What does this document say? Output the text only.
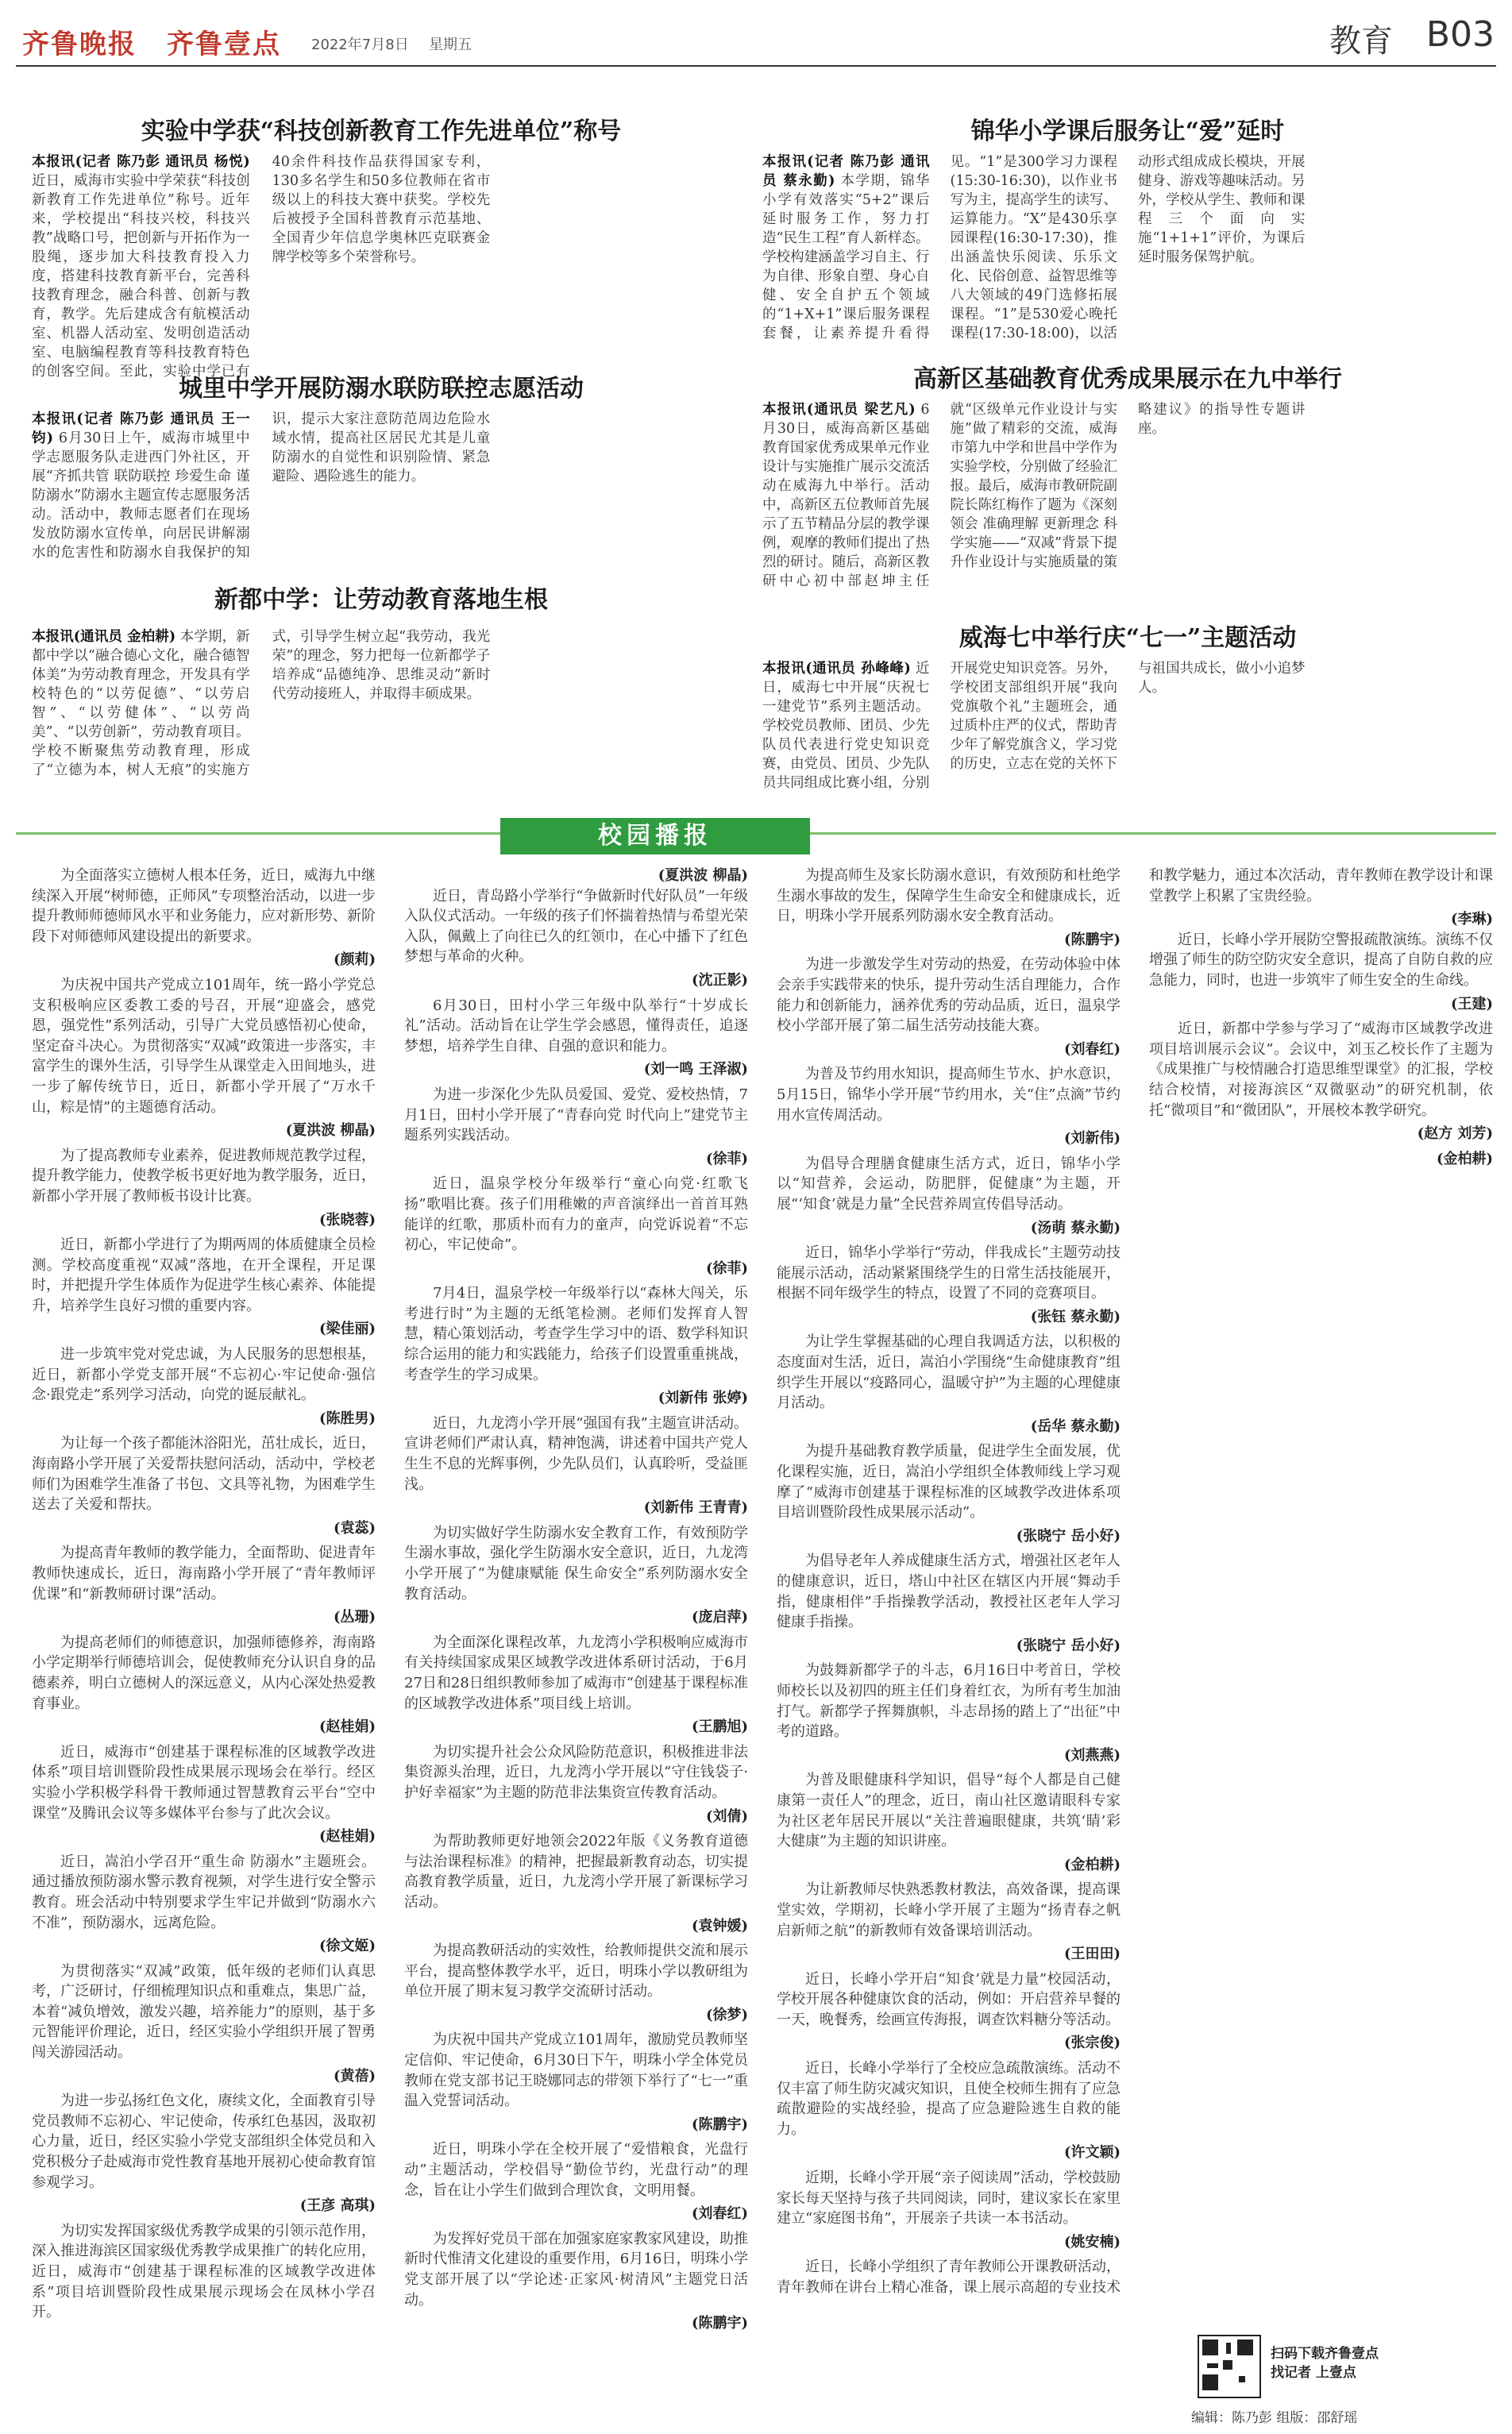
齐鲁晚报 齐鲁壹点 2022年7月8日 星期五	教育 B03
实验中学获“科技创新教育工作先进单位”称号
本报讯(记者 陈乃彭 通讯员 杨悦) 近日，威海市实验中学荣获“科技创新教育工作先进单位”称号。近年来，学校提出“科技兴校，科技兴教”战略口号，把创新与开拓作为一股绳，逐步加大科技教育投入力度，搭建科技教育新平台，完善科技教育理念，融合科普、创新与教育，教学。先后建成含有航模活动室、机器人活动室、发明创造活动室、电脑编程教育等科技教育特色的创客空间。至此，实验中学已有40余件科技作品获得国家专利，130多名学生和50多位教师在省市级以上的科技大赛中获奖。学校先后被授予全国科普教育示范基地、全国青少年信息学奥林匹克联赛金牌学校等多个荣誉称号。
城里中学开展防溺水联防联控志愿活动
本报讯(记者 陈乃彭 通讯员 王一钧) 6月30日上午，威海市城里中学志愿服务队走进西门外社区，开展“齐抓共管 联防联控 珍爱生命 谨防溺水”防溺水主题宣传志愿服务活动。活动中，教师志愿者们在现场发放防溺水宣传单，向居民讲解溺水的危害性和防溺水自我保护的知识，提示大家注意防范周边危险水域水情，提高社区居民尤其是儿童防溺水的自觉性和识别险情、紧急避险、遇险逃生的能力。
新都中学：让劳动教育落地生根
本报讯(通讯员 金柏耕) 本学期，新都中学以“融合德心文化，融合德智体美”为劳动教育理念，开发具有学校特色的“以劳促德”、“以劳启智”、“以劳健体”、“以劳尚美”、“以劳创新”，劳动教育项目。学校不断聚焦劳动教育理，形成了“立德为本，树人无痕”的实施方式，引导学生树立起“我劳动，我光荣”的理念，努力把每一位新都学子培养成“品德纯净、思维灵动”新时代劳动接班人，并取得丰硕成果。
锦华小学课后服务让“爱”延时
本报讯(记者 陈乃彭 通讯员 蔡永勤) 本学期，锦华小学有效落实“5+2”课后延时服务工作，努力打造“民生工程”育人新样态。学校构建涵盖学习自主、行为自律、形象自塑、身心自健、安全自护五个领域的“1+X+1”课后服务课程套餐，让素养提升看得见。“1”是300学习力课程(15:30-16:30)，以作业书写为主，提高学生的读写、运算能力。“X”是430乐享园课程(16:30-17:30)，推出涵盖快乐阅读、乐乐文化、民俗创意、益智思维等八大领域的49门选修拓展课程。“1”是530爱心晚托课程(17:30-18:00)，以活动形式组成成长模块，开展健身、游戏等趣味活动。另外，学校从学生、教师和课程三个面向实施“1+1+1”评价，为课后延时服务保驾护航。
高新区基础教育优秀成果展示在九中举行
本报讯(通讯员 梁艺凡) 6月30日，威海高新区基础教育国家优秀成果单元作业设计与实施推广展示交流活动在威海九中举行。活动中，高新区五位教师首先展示了五节精品分层的教学课例，观摩的教师们提出了热烈的研讨。随后，高新区教研中心初中部赵坤主任就“区级单元作业设计与实施”做了精彩的交流，威海市第九中学和世昌中学作为实验学校，分别做了经验汇报。最后，威海市教研院副院长陈红梅作了题为《深刻领会 准确理解 更新理念 科学实施——“双减”背景下提升作业设计与实施质量的策略建议》的指导性专题讲座。
威海七中举行庆“七一”主题活动
本报讯(通讯员 孙峰峰) 近日，威海七中开展“庆祝七一建党节”系列主题活动。学校党员教师、团员、少先队员代表进行党史知识竞赛，由党员、团员、少先队员共同组成比赛小组，分别开展党史知识竞答。另外，学校团支部组织开展“我向党旗敬个礼”主题班会，通过质朴庄严的仪式，帮助青少年了解党旗含义，学习党的历史，立志在党的关怀下与祖国共成长，做小小追梦人。
校园播报

为全面落实立德树人根本任务，近日，威海九中继续深入开展“树师德，正师风”专项整治活动，以进一步提升教师师德师风水平和业务能力，应对新形势、新阶段下对师德师风建设提出的新要求。

(颜莉)

为庆祝中国共产党成立101周年，统一路小学党总支积极响应区委教工委的号召，开展“迎盛会，感党恩，强党性”系列活动，引导广大党员感悟初心使命，坚定奋斗决心。为贯彻落实“双减”政策进一步落实，丰富学生的课外生活，引导学生从课堂走入田间地头，进一步了解传统节日，近日，新都小学开展了“万水千山，粽是情”的主题德育活动。

(夏洪波 柳晶)

为了提高教师专业素养，促进教师规范教学过程，提升教学能力，使教学板书更好地为教学服务，近日，新都小学开展了教师板书设计比赛。

(张晓蓉)

近日，新都小学进行了为期两周的体质健康全员检测。学校高度重视“双减”落地，在开全课程，开足课时，并把提升学生体质作为促进学生核心素养、体能提升，培养学生良好习惯的重要内容。

(梁佳丽)

进一步筑牢党对党忠诚，为人民服务的思想根基，近日，新都小学党支部开展“不忘初心·牢记使命·强信念·跟党走”系列学习活动，向党的诞辰献礼。

(陈胜男)

为让每一个孩子都能沐浴阳光，茁壮成长，近日，海南路小学开展了关爱帮扶慰问活动，活动中，学校老师们为困难学生准备了书包、文具等礼物，为困难学生送去了关爱和帮扶。

(袁蕊)

为提高青年教师的教学能力，全面帮助、促进青年教师快速成长，近日，海南路小学开展了“青年教师评优课”和“新教师研讨课”活动。

(丛珊)

为提高老师们的师德意识，加强师德修养，海南路小学定期举行师德培训会，促使教师充分认识自身的品德素养，明白立德树人的深远意义，从内心深处热爱教育事业。

(赵桂娟)

近日，威海市“创建基于课程标准的区域教学改进体系”项目培训暨阶段性成果展示现场会在举行。经区实验小学积极学科骨干教师通过智慧教育云平台“空中课堂”及腾讯会议等多媒体平台参与了此次会议。

(赵桂娟)

近日，嵩泊小学召开“重生命 防溺水”主题班会。通过播放预防溺水警示教育视频，对学生进行安全警示教育。班会活动中特别要求学生牢记并做到“防溺水六不准”，预防溺水，远离危险。

(徐文姬)

为贯彻落实“双减”政策，低年级的老师们认真思考，广泛研讨，仔细梳理知识点和重难点，集思广益，本着“减负增效，激发兴趣，培养能力”的原则，基于多元智能评价理论，近日，经区实验小学组织开展了智勇闯关游园活动。

(黄蓓)

为进一步弘扬红色文化，赓续文化，全面教育引导党员教师不忘初心、牢记使命，传承红色基因，汲取初心力量，近日，经区实验小学党支部组织全体党员和入党积极分子赴威海市党性教育基地开展初心使命教育馆参观学习。

(王彦 高琪)

为切实发挥国家级优秀教学成果的引领示范作用，深入推进海滨区国家级优秀教学成果推广的转化应用，近日，威海市“创建基于课程标准的区域教学改进体系”项目培训暨阶段性成果展示现场会在凤林小学召开。

(夏洪波 柳晶)

近日，青岛路小学举行“争做新时代好队员”一年级入队仪式活动。一年级的孩子们怀揣着热情与希望光荣入队，佩戴上了向往已久的红领巾，在心中播下了红色梦想与革命的火种。

(沈正影)

6月30日，田村小学三年级中队举行“十岁成长礼”活动。活动旨在让学生学会感恩，懂得责任，追逐梦想，培养学生自律、自强的意识和能力。

(刘一鸣 王泽淑)

为进一步深化少先队员爱国、爱党、爱校热情，7月1日，田村小学开展了“青春向党 时代向上”建党节主题系列实践活动。

(徐菲)

近日，温泉学校分年级举行“童心向党·红歌飞扬”歌唱比赛。孩子们用稚嫩的声音演绎出一首首耳熟能详的红歌，那质朴而有力的童声，向党诉说着“不忘初心，牢记使命”。

(徐菲)

7月4日，温泉学校一年级举行以“森林大闯关，乐考进行时”为主题的无纸笔检测。老师们发挥育人智慧，精心策划活动，考查学生学习中的语、数学科知识综合运用的能力和实践能力，给孩子们设置重重挑战，考查学生的学习成果。

(刘新伟 张婷)

近日，九龙湾小学开展“强国有我”主题宣讲活动。宣讲老师们严肃认真，精神饱满，讲述着中国共产党人生生不息的光辉事例，少先队员们，认真聆听，受益匪浅。

(刘新伟 王青青)

为切实做好学生防溺水安全教育工作，有效预防学生溺水事故，强化学生防溺水安全意识，近日，九龙湾小学开展了“为健康赋能 保生命安全”系列防溺水安全教育活动。

(庞启萍)

为全面深化课程改革，九龙湾小学积极响应威海市有关持续国家成果区域教学改进体系研讨活动，于6月27日和28日组织教师参加了威海市“创建基于课程标准的区域教学改进体系”项目线上培训。

(王鹏旭)

为切实提升社会公众风险防范意识，积极推进非法集资源头治理，近日，九龙湾小学开展以“守住钱袋子·护好幸福家”为主题的防范非法集资宣传教育活动。

(刘倩)

为帮助教师更好地领会2022年版《义务教育道德与法治课程标准》的精神，把握最新教育动态，切实提高教育教学质量，近日，九龙湾小学开展了新课标学习活动。

(袁钟媛)

为提高教研活动的实效性，给教师提供交流和展示平台，提高整体教学水平，近日，明珠小学以教研组为单位开展了期末复习教学交流研讨活动。

(徐梦)

为庆祝中国共产党成立101周年，激励党员教师坚定信仰、牢记使命，6月30日下午，明珠小学全体党员教师在党支部书记王晓娜同志的带领下举行了“七一”重温入党誓词活动。

(陈鹏宇)

近日，明珠小学在全校开展了“爱惜粮食，光盘行动”主题活动，学校倡导“勤俭节约，光盘行动”的理念，旨在让小学生们做到合理饮食，文明用餐。

(刘春红)

为发挥好党员干部在加强家庭家教家风建设，助推新时代惟清文化建设的重要作用，6月16日，明珠小学党支部开展了以“学论述·正家风·树清风”主题党日活动。

(陈鹏宇)

为提高师生及家长防溺水意识，有效预防和杜绝学生溺水事故的发生，保障学生生命安全和健康成长，近日，明珠小学开展系列防溺水安全教育活动。

(陈鹏宇)

为进一步激发学生对劳动的热爱，在劳动体验中体会亲手实践带来的快乐，提升劳动生活自理能力，合作能力和创新能力，涵养优秀的劳动品质，近日，温泉学校小学部开展了第二届生活劳动技能大赛。

(刘春红)

为普及节约用水知识，提高师生节水、护水意识，5月15日，锦华小学开展“节约用水，关“住”点滴”节约用水宣传周活动。

(刘新伟)

为倡导合理膳食健康生活方式，近日，锦华小学以“知营养，会运动，防肥胖，促健康”为主题，开展“‘知食’就是力量”全民营养周宣传倡导活动。

(汤萌 蔡永勤)

近日，锦华小学举行“劳动，伴我成长”主题劳动技能展示活动，活动紧紧围绕学生的日常生活技能展开，根据不同年级学生的特点，设置了不同的竞赛项目。

(张钰 蔡永勤)

为让学生掌握基础的心理自我调适方法，以积极的态度面对生活，近日，嵩泊小学围绕“生命健康教育”组织学生开展以“疫路同心，温暖守护”为主题的心理健康月活动。

(岳华 蔡永勤)

为提升基础教育教学质量，促进学生全面发展，优化课程实施，近日，嵩泊小学组织全体教师线上学习观摩了“威海市创建基于课程标准的区域教学改进体系项目培训暨阶段性成果展示活动”。

(张晓宁 岳小好)

为倡导老年人养成健康生活方式，增强社区老年人的健康意识，近日，塔山中社区在辖区内开展“舞动手指，健康相伴”手指操教学活动，教授社区老年人学习健康手指操。

(张晓宁 岳小好)

为鼓舞新都学子的斗志，6月16日中考首日，学校师校长以及初四的班主任们身着红衣，为所有考生加油打气。新都学子挥舞旗帜，斗志昂扬的踏上了“出征”中考的道路。

(刘燕燕)

为普及眼健康科学知识，倡导“每个人都是自己健康第一责任人”的理念，近日，南山社区邀请眼科专家为社区老年居民开展以“关注普遍眼健康，共筑‘睛’彩大健康”为主题的知识讲座。

(金柏耕)

为让新教师尽快熟悉教材教法，高效备课，提高课堂实效，学期初，长峰小学开展了主题为“扬青春之帆 启新师之航”的新教师有效备课培训活动。

(王田田)

近日，长峰小学开启“知食’就是力量”校园活动，学校开展各种健康饮食的活动，例如：开启营养早餐的一天，晚餐秀，绘画宣传海报，调查饮料糖分等活动。

(张宗俊)

近日，长峰小学举行了全校应急疏散演练。活动不仅丰富了师生防灾减灾知识，且使全校师生拥有了应急疏散避险的实战经验，提高了应急避险逃生自救的能力。

(许文颖)

近期，长峰小学开展“亲子阅读周”活动，学校鼓励家长每天坚持与孩子共同阅读，同时，建议家长在家里建立“家庭图书角”，开展亲子共读一本书活动。

(姚安楠)

近日，长峰小学组织了青年教师公开课教研活动，青年教师在讲台上精心准备，课上展示高超的专业技术和教学魅力，通过本次活动，青年教师在教学设计和课堂教学上积累了宝贵经验。

(李琳)

近日，长峰小学开展防空警报疏散演练。演练不仅增强了师生的防空防灾安全意识，提高了自防自救的应急能力，同时，也进一步筑牢了师生安全的生命线。

(王建)

近日，新都中学参与学习了“威海市区域教学改进项目培训展示会议”。会议中，刘玉乙校长作了主题为《成果推广与校情融合打造思维型课堂》的汇报，学校结合校情，对接海滨区“双微驱动”的研究机制，依托“微项目”和“微团队”，开展校本教学研究。

(赵方 刘芳)
(金柏耕)
扫码下载齐鲁壹点
找记者 上壹点
编辑：陈乃彭 组版：邵舒瑶
